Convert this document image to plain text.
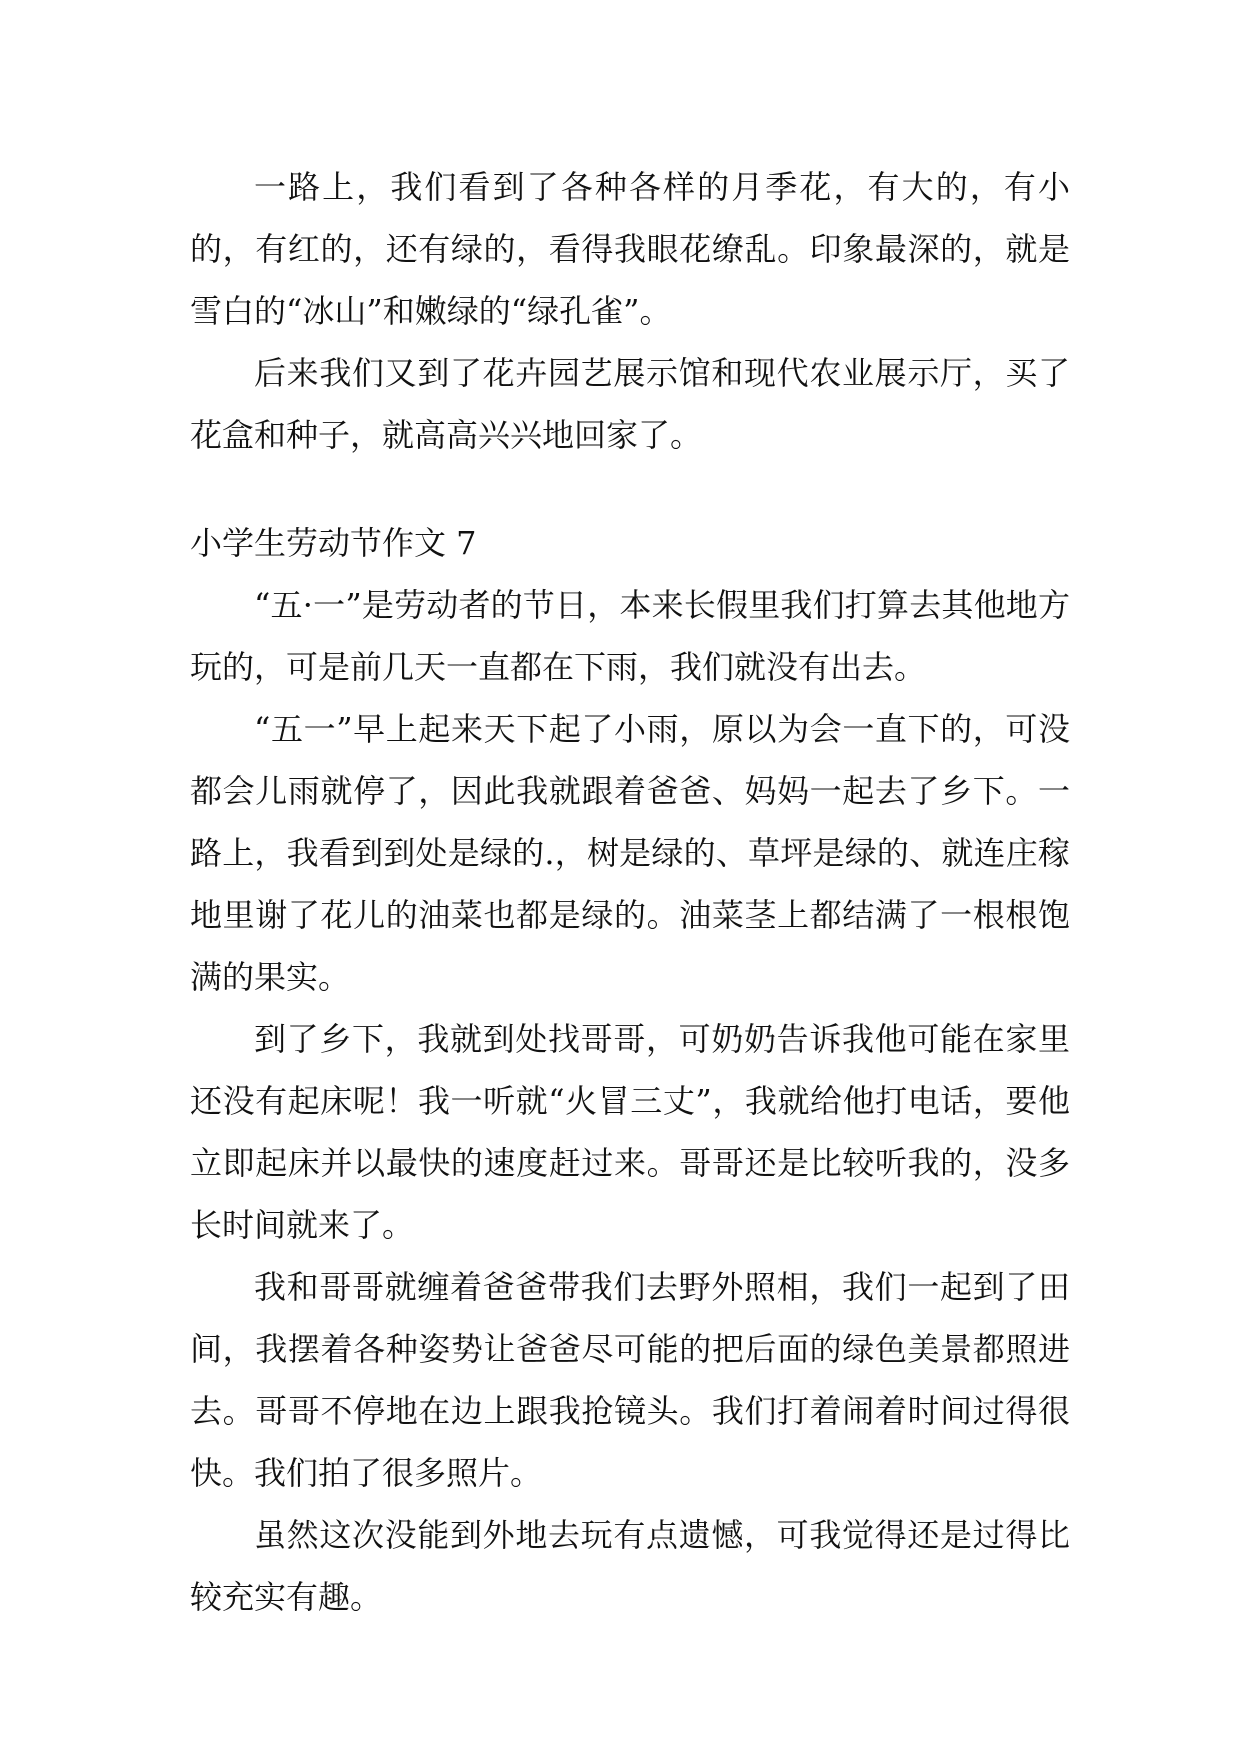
一路上，我们看到了各种各样的月季花，有大的，有小的，有红的，还有绿的，看得我眼花缭乱。印象最深的，就是雪白的“冰山”和嫩绿的“绿孔雀”。

后来我们又到了花卉园艺展示馆和现代农业展示厅，买了花盒和种子，就高高兴兴地回家了。

小学生劳动节作文 7

“五·一”是劳动者的节日，本来长假里我们打算去其他地方玩的，可是前几天一直都在下雨，我们就没有出去。

“五一”早上起来天下起了小雨，原以为会一直下的，可没都会儿雨就停了，因此我就跟着爸爸、妈妈一起去了乡下。一路上，我看到到处是绿的.，树是绿的、草坪是绿的、就连庄稼地里谢了花儿的油菜也都是绿的。油菜茎上都结满了一根根饱满的果实。

到了乡下，我就到处找哥哥，可奶奶告诉我他可能在家里还没有起床呢！我一听就“火冒三丈”，我就给他打电话，要他立即起床并以最快的速度赶过来。哥哥还是比较听我的，没多长时间就来了。

我和哥哥就缠着爸爸带我们去野外照相，我们一起到了田间，我摆着各种姿势让爸爸尽可能的把后面的绿色美景都照进去。哥哥不停地在边上跟我抢镜头。我们打着闹着时间过得很快。我们拍了很多照片。

虽然这次没能到外地去玩有点遗憾，可我觉得还是过得比较充实有趣。
